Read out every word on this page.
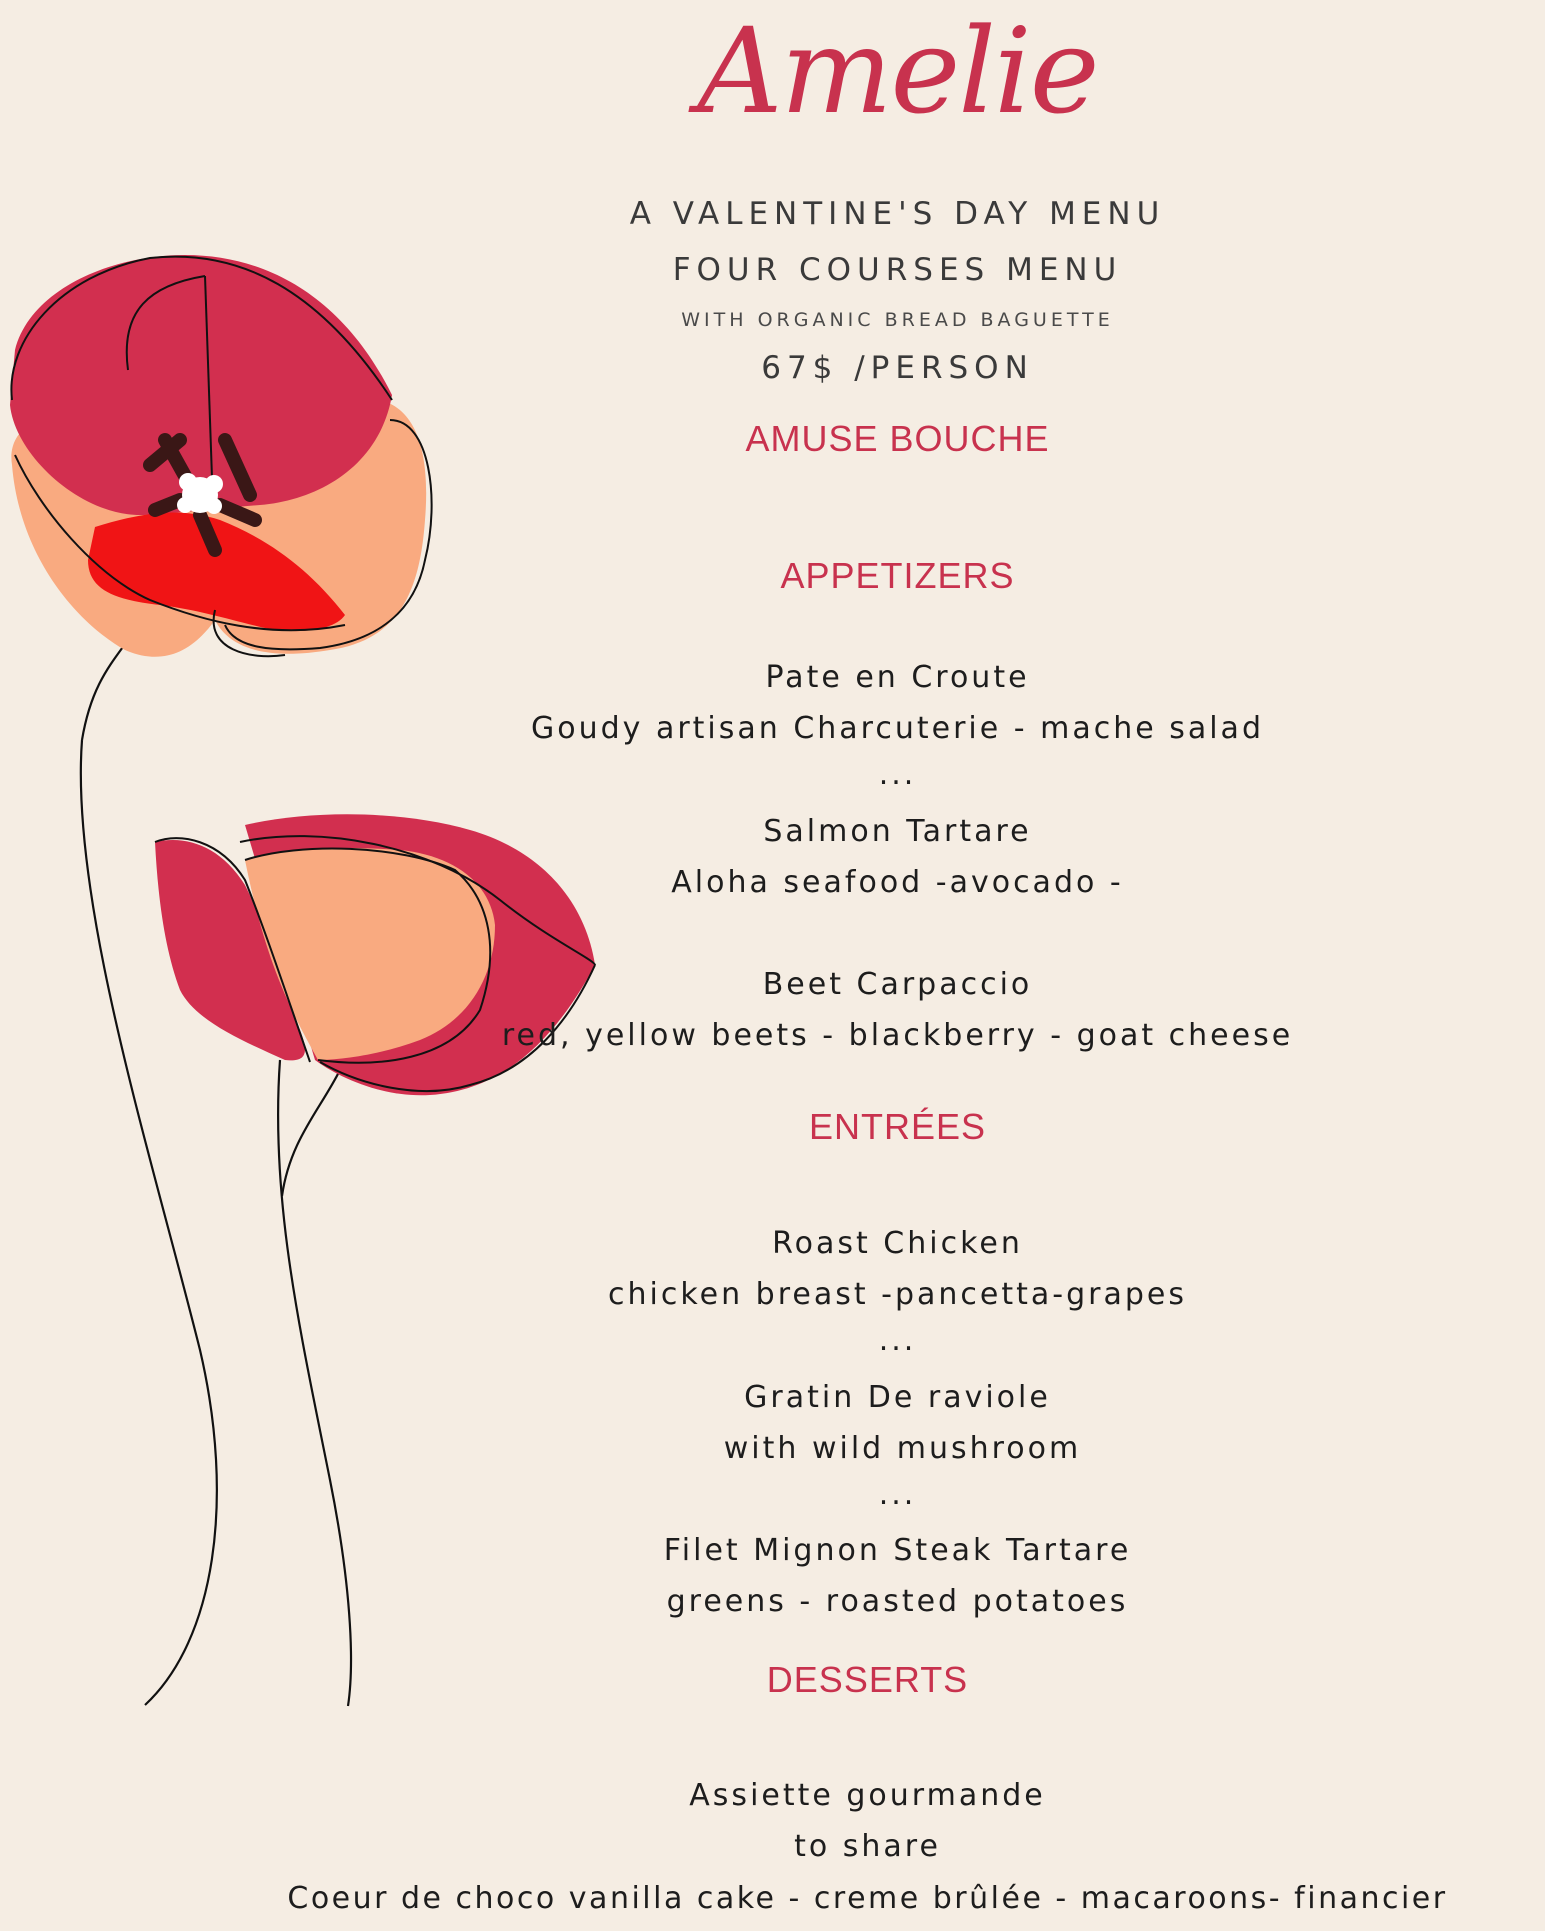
Amelie
A VALENTINE'S DAY MENU
FOUR COURSES MENU
WITH ORGANIC BREAD BAGUETTE
67$ /PERSON
AMUSE BOUCHE
APPETIZERS
Pate en Croute
Goudy artisan Charcuterie - mache salad
...
Salmon Tartare
Aloha seafood -avocado -
Beet Carpaccio
red, yellow beets - blackberry - goat cheese
ENTRÉES
Roast Chicken
chicken breast -pancetta-grapes
...
Gratin De raviole
with wild mushroom
...
Filet Mignon Steak Tartare
greens - roasted potatoes
DESSERTS
Assiette gourmande
to share
Coeur de choco vanilla cake - creme brûlée - macaroons- financier
